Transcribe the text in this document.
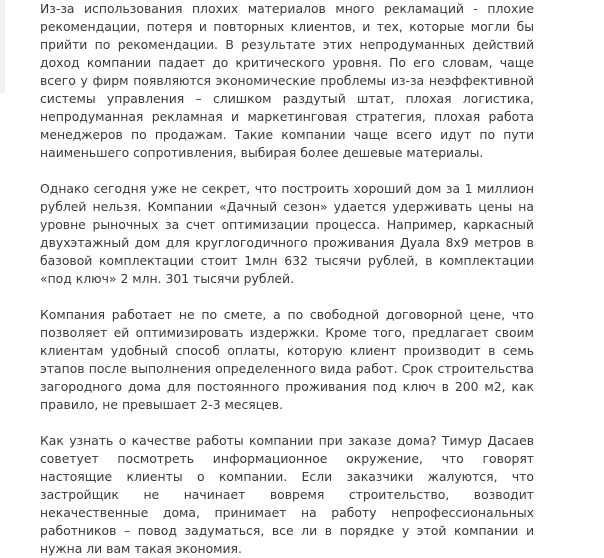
Из-за использования плохих материалов много рекламаций - плохие рекомендации, потеря и повторных клиентов, и тех, которые могли бы прийти по рекомендации. В результате этих непродуманных действий доход компании падает до критического уровня. По его словам, чаще всего у фирм появляются экономические проблемы из-за неэффективной системы управления – слишком раздутый штат, плохая логистика, непродуманная рекламная и маркетинговая стратегия, плохая работа менеджеров по продажам. Такие компании чаще всего идут по пути наименьшего сопротивления, выбирая более дешевые материалы.

Однако сегодня уже не секрет, что построить хороший дом за 1 миллион рублей нельзя. Компании «Дачный сезон» удается удерживать цены на уровне рыночных за счет оптимизации процесса. Например, каркасный двухэтажный дом для круглогодичного проживания Дуала 8х9 метров в базовой комплектации стоит 1млн 632 тысячи рублей, в комплектации «под ключ» 2 млн. 301 тысячи рублей.

Компания работает не по смете, а по свободной договорной цене, что позволяет ей оптимизировать издержки. Кроме того, предлагает своим клиентам удобный способ оплаты, которую клиент производит в семь этапов после выполнения определенного вида работ. Срок строительства загородного дома для постоянного проживания под ключ в 200 м2, как правило, не превышает 2-3 месяцев.

Как узнать о качестве работы компании при заказе дома? Тимур Дасаев советует посмотреть информационное окружение, что говорят настоящие клиенты о компании. Если заказчики жалуются, что застройщик не начинает вовремя строительство, возводит некачественные дома, принимает на работу непрофессиональных работников – повод задуматься, все ли в порядке у этой компании и нужна ли вам такая экономия.
